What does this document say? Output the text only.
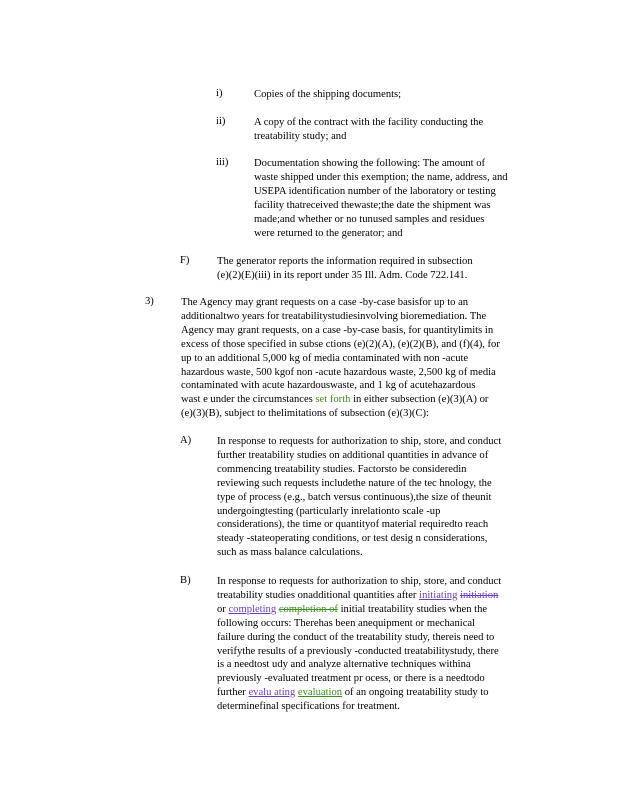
i)	Copies of the shipping documents;
ii)	A copy of the contract with the facility conducting the
treatability study; and
iii) Documentation showing the following: The amount of
waste shipped under this exemption; the name, address, and
USEPA identification number of the laboratory or testing
facility thatreceived thewaste;the date the shipment was
made;and whether or no tunused samples and residues
were returned to the generator; and
F)	The generator reports the information required in subsection
(e)(2)(E)(iii) in its report under 35 Ill. Adm. Code 722.141.
3)	The Agency may grant requests on a case -by-case basisfor up to an
additionaltwo years for treatabilitystudiesinvolving bioremediation. The
Agency may grant requests, on a case -by-case basis, for quantitylimits in
excess of those specified in subse ctions (e)(2)(A), (e)(2)(B), and (f)(4), for
up to an additional 5,000 kg of media contaminated with non -acute
hazardous waste, 500 kgof non -acute hazardous waste, 2,500 kg of media
contaminated with acute hazardouswaste, and 1 kg of acutehazardous
wast e under the circumstances set forth in either subsection (e)(3)(A) or
(e)(3)(B), subject to thelimitations of subsection (e)(3)(C):
A) In response to requests for authorization to ship, store, and conduct
further treatability studies on additional quantities in advance of
commencing treatability studies. Factorsto be consideredin
reviewing such requests includethe nature of the tec hnology, the
type of process (e.g., batch versus continuous),the size of theunit
undergoingtesting (particularly inrelationto scale -up
considerations), the time or quantityof material requiredto reach
steady -stateoperating conditions, or test desig n considerations,
such as mass balance calculations.
B) In response to requests for authorization to ship, store, and conduct
treatability studies onadditional quantities after initiating initiation
or completing completion of initial treatability studies when the
following occurs: Therehas been anequipment or mechanical
failure during the conduct of the treatability study, thereis need to
verifythe results of a previously -conducted treatabilitystudy, there
is a needtost udy and analyze alternative techniques withina
previously -evaluated treatment pr ocess, or there is a needtodo
further evalu ating evaluation of an ongoing treatability study to
determinefinal specifications for treatment.
